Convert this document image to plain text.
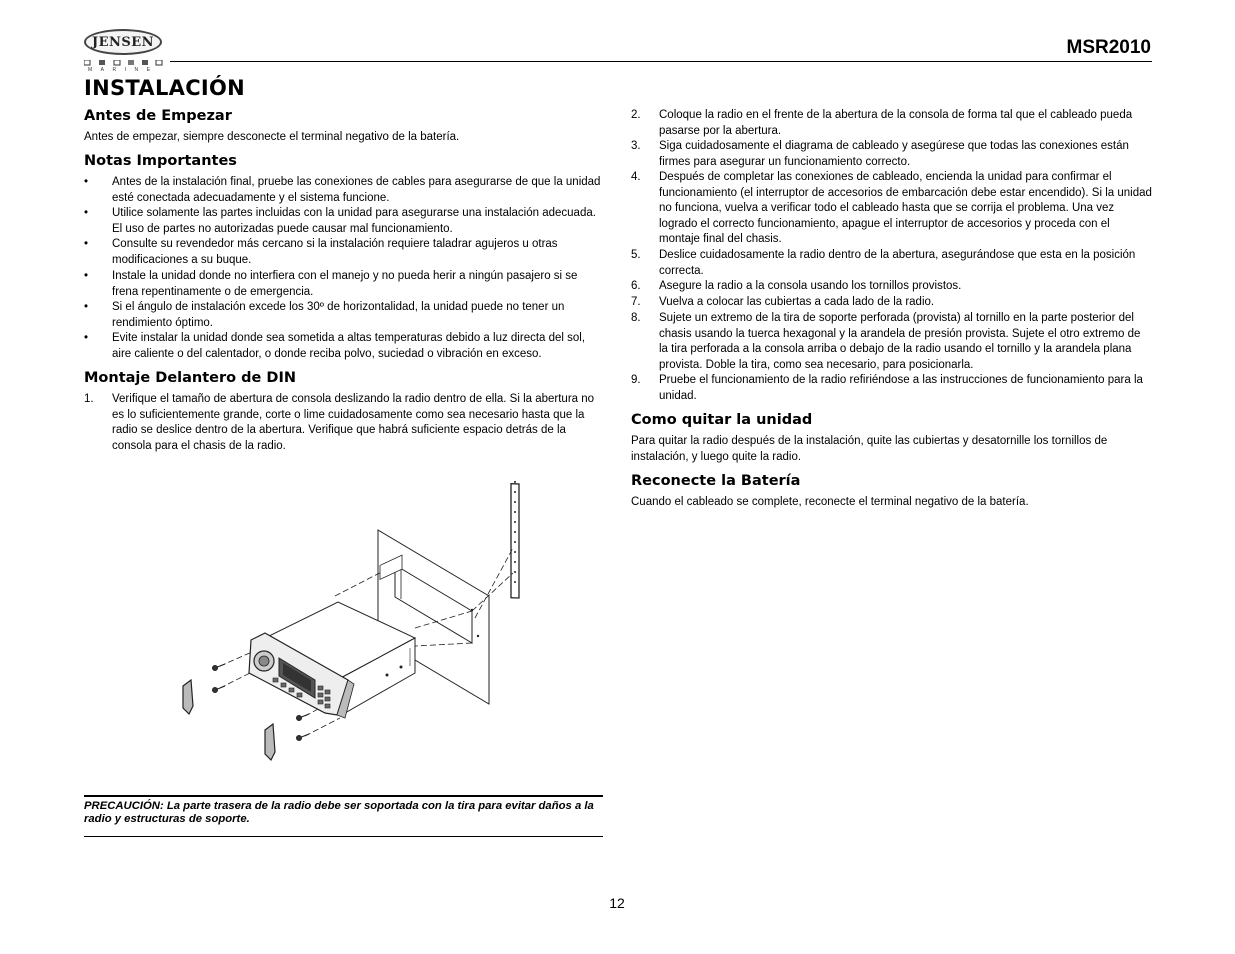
JENSEN
MARINE
MSR2010
INSTALACIÓN
Antes de Empezar

Antes de empezar, siempre desconecte el terminal negativo de la batería.

Notas Importantes
• Antes de la instalación final, pruebe las conexiones de cables para asegurarse de que la unidad esté conectada adecuadamente y el sistema funcione.
• Utilice solamente las partes incluidas con la unidad para asegurarse una instalación adecuada. El uso de partes no autorizadas puede causar mal funcionamiento.
• Consulte su revendedor más cercano si la instalación requiere taladrar agujeros u otras modificaciones a su buque.
• Instale la unidad donde no interfiera con el manejo y no pueda herir a ningún pasajero si se frena repentinamente o de emergencia.
• Si el ángulo de instalación excede los 30º de horizontalidad, la unidad puede no tener un rendimiento óptimo.
• Evite instalar la unidad donde sea sometida a altas temperaturas debido a luz directa del sol, aire caliente o del calentador, o donde reciba polvo, suciedad o vibración en exceso.
Montaje Delantero de DIN
1. Verifique el tamaño de abertura de consola deslizando la radio dentro de ella. Si la abertura no es lo suficientemente grande, corte o lime cuidadosamente como sea necesario hasta que la radio se deslice dentro de la abertura. Verifique que habrá suficiente espacio detrás de la consola para el chasis de la radio.
PRECAUCIÓN: La parte trasera de la radio debe ser soportada con la tira para evitar daños a la radio y estructuras de soporte.
2. Coloque la radio en el frente de la abertura de la consola de forma tal que el cableado pueda pasarse por la abertura.
3. Siga cuidadosamente el diagrama de cableado y asegúrese que todas las conexiones están firmes para asegurar un funcionamiento correcto.
4. Después de completar las conexiones de cableado, encienda la unidad para confirmar el funcionamiento (el interruptor de accesorios de embarcación debe estar encendido). Si la unidad no funciona, vuelva a verificar todo el cableado hasta que se corrija el problema. Una vez logrado el correcto funcionamiento, apague el interruptor de accesorios y proceda con el montaje final del chasis.
5. Deslice cuidadosamente la radio dentro de la abertura, asegurándose que esta en la posición correcta.
6. Asegure la radio a la consola usando los tornillos provistos.
7. Vuelva a colocar las cubiertas a cada lado de la radio.
8. Sujete un extremo de la tira de soporte perforada (provista) al tornillo en la parte posterior del chasis usando la tuerca hexagonal y la arandela de presión provista. Sujete el otro extremo de la tira perforada a la consola arriba o debajo de la radio usando el tornillo y la arandela plana provista. Doble la tira, como sea necesario, para posicionarla.
9. Pruebe el funcionamiento de la radio refiriéndose a las instrucciones de funcionamiento para la unidad.
Como quitar la unidad

Para quitar la radio después de la instalación, quite las cubiertas y desatornille los tornillos de instalación, y luego quite la radio.

Reconecte la Batería

Cuando el cableado se complete, reconecte el terminal negativo de la batería.

12
